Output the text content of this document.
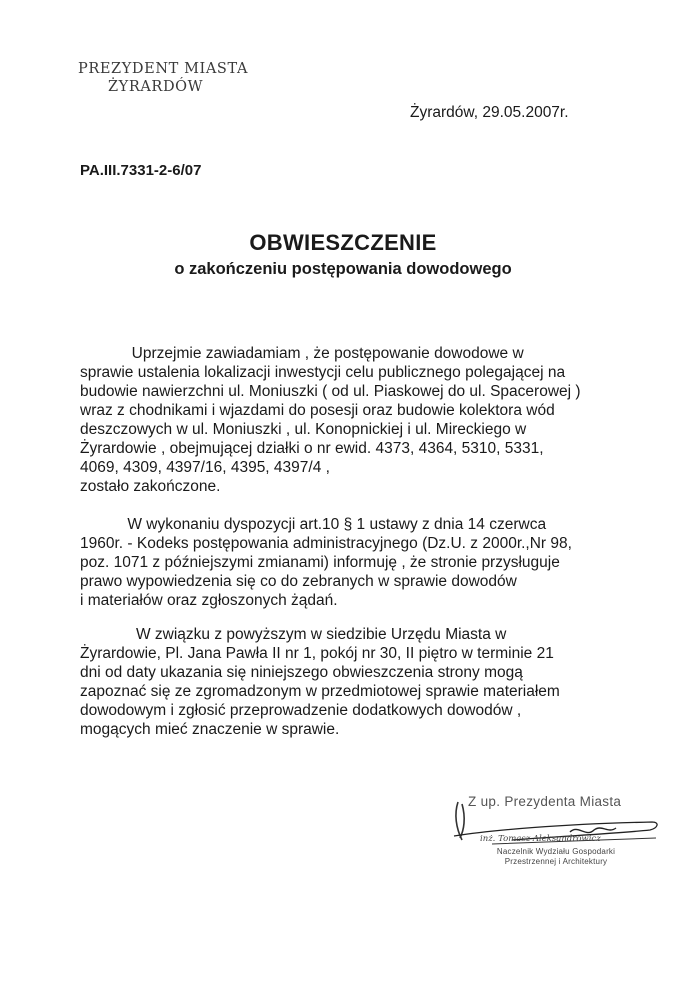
PREZYDENT MIASTA
ŻYRARDÓW
Żyrardów, 29.05.2007r.
PA.III.7331-2-6/07
OBWIESZCZENIE
o zakończeniu postępowania dowodowego
Uprzejmie zawiadamiam , że postępowanie dowodowe w
sprawie ustalenia lokalizacji inwestycji celu publicznego polegającej na
budowie nawierzchni ul. Moniuszki ( od ul. Piaskowej do ul. Spacerowej )
wraz z chodnikami i wjazdami do posesji oraz budowie kolektora wód
deszczowych w ul. Moniuszki , ul. Konopnickiej i ul. Mireckiego w
Żyrardowie , obejmującej działki o nr ewid. 4373, 4364, 5310, 5331,
4069, 4309, 4397/16, 4395, 4397/4 ,
zostało zakończone.
W wykonaniu dyspozycji art.10 § 1 ustawy z dnia 14 czerwca
1960r. - Kodeks postępowania administracyjnego (Dz.U. z 2000r.,Nr 98,
poz. 1071 z późniejszymi zmianami) informuję , że stronie przysługuje
prawo wypowiedzenia się co do zebranych w sprawie dowodów
i materiałów oraz zgłoszonych żądań.
W związku z powyższym w siedzibie Urzędu Miasta w
Żyrardowie, Pl. Jana Pawła II nr 1, pokój nr 30, II piętro w terminie 21
dni od daty ukazania się niniejszego obwieszczenia strony mogą
zapoznać się ze zgromadzonym w przedmiotowej sprawie materiałem
dowodowym i zgłosić przeprowadzenie dodatkowych dowodów ,
mogących mieć znaczenie w sprawie.
Z up. Prezydenta Miasta
inż. Tomasz Aleksandrowicz
Naczelnik Wydziału Gospodarki
Przestrzennej i Architektury
